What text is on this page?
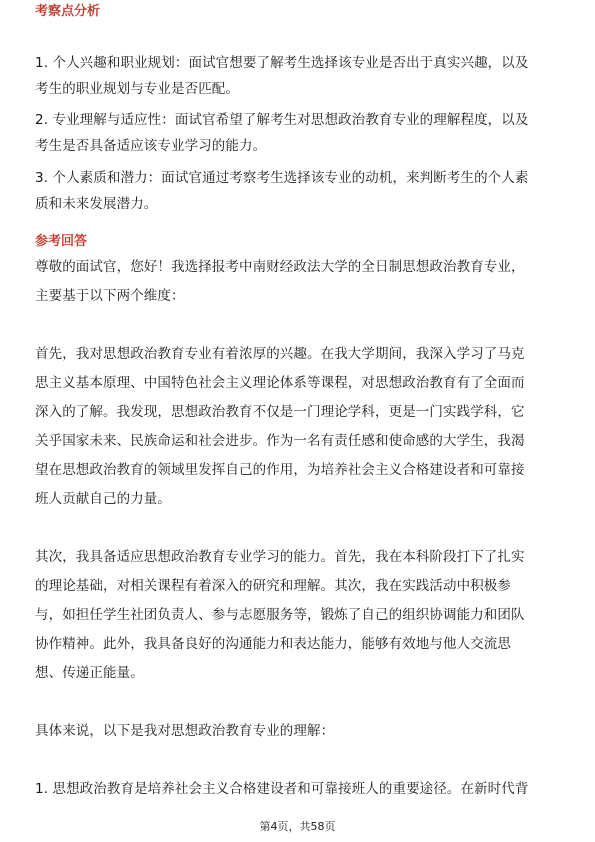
考察点分析
1. 个人兴趣和职业规划：面试官想要了解考生选择该专业是否出于真实兴趣，以及
考生的职业规划与专业是否匹配。
2. 专业理解与适应性：面试官希望了解考生对思想政治教育专业的理解程度，以及
考生是否具备适应该专业学习的能力。
3. 个人素质和潜力：面试官通过考察考生选择该专业的动机，来判断考生的个人素
质和未来发展潜力。
参考回答
尊敬的面试官，您好！我选择报考中南财经政法大学的全日制思想政治教育专业，
主要基于以下两个维度：
首先，我对思想政治教育专业有着浓厚的兴趣。在我大学期间，我深入学习了马克
思主义基本原理、中国特色社会主义理论体系等课程，对思想政治教育有了全面而
深入的了解。我发现，思想政治教育不仅是一门理论学科，更是一门实践学科，它
关乎国家未来、民族命运和社会进步。作为一名有责任感和使命感的大学生，我渴
望在思想政治教育的领域里发挥自己的作用，为培养社会主义合格建设者和可靠接
班人贡献自己的力量。
其次，我具备适应思想政治教育专业学习的能力。首先，我在本科阶段打下了扎实
的理论基础，对相关课程有着深入的研究和理解。其次，我在实践活动中积极参
与，如担任学生社团负责人、参与志愿服务等，锻炼了自己的组织协调能力和团队
协作精神。此外，我具备良好的沟通能力和表达能力，能够有效地与他人交流思
想、传递正能量。
具体来说，以下是我对思想政治教育专业的理解：
1. 思想政治教育是培养社会主义合格建设者和可靠接班人的重要途径。在新时代背
第4页，共58页
